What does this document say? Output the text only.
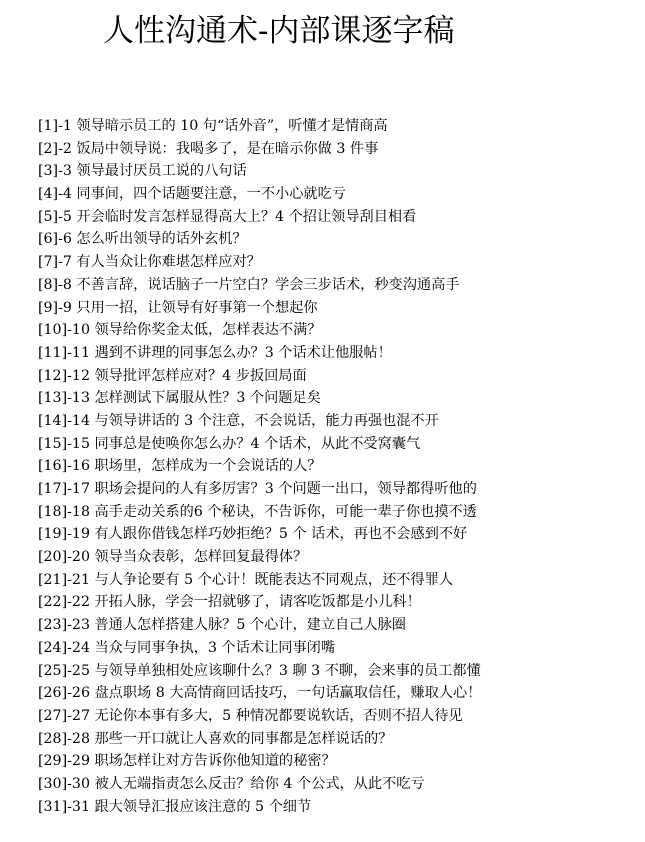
人性沟通术-内部课逐字稿
[1]-1 领导暗示员工的 10 句“话外音”，听懂才是情商高
[2]-2 饭局中领导说：我喝多了，是在暗示你做 3 件事
[3]-3 领导最讨厌员工说的八句话
[4]-4 同事间，四个话题要注意，一不小心就吃亏
[5]-5 开会临时发言怎样显得高大上？4 个招让领导刮目相看
[6]-6 怎么听出领导的话外玄机？
[7]-7 有人当众让你难堪怎样应对？
[8]-8 不善言辞，说话脑子一片空白？学会三步话术，秒变沟通高手
[9]-9 只用一招，让领导有好事第一个想起你
[10]-10 领导给你奖金太低，怎样表达不满？
[11]-11 遇到不讲理的同事怎么办？3 个话术让他服帖！
[12]-12 领导批评怎样应对？4 步扳回局面
[13]-13 怎样测试下属服从性？3 个问题足矣
[14]-14 与领导讲话的 3 个注意，不会说话，能力再强也混不开
[15]-15 同事总是使唤你怎么办？4 个话术，从此不受窝囊气
[16]-16 职场里，怎样成为一个会说话的人？
[17]-17 职场会提问的人有多厉害？3 个问题一出口，领导都得听他的
[18]-18 高手走动关系的6 个秘诀，不告诉你，可能一辈子你也摸不透
[19]-19 有人跟你借钱怎样巧妙拒绝？5 个 话术，再也不会感到不好
[20]-20 领导当众表彰，怎样回复最得体？
[21]-21 与人争论要有 5 个心计！既能表达不同观点，还不得罪人
[22]-22 开拓人脉，学会一招就够了，请客吃饭都是小儿科！
[23]-23 普通人怎样搭建人脉？5 个心计，建立自己人脉圈
[24]-24 当众与同事争执，3 个话术让同事闭嘴
[25]-25 与领导单独相处应该聊什么？3 聊 3 不聊，会来事的员工都懂
[26]-26 盘点职场 8 大高情商回话技巧，一句话赢取信任，赚取人心！
[27]-27 无论你本事有多大，5 种情况都要说软话，否则不招人待见
[28]-28 那些一开口就让人喜欢的同事都是怎样说话的？
[29]-29 职场怎样让对方告诉你他知道的秘密？
[30]-30 被人无端指责怎么反击？给你 4 个公式，从此不吃亏
[31]-31 跟大领导汇报应该注意的 5 个细节
